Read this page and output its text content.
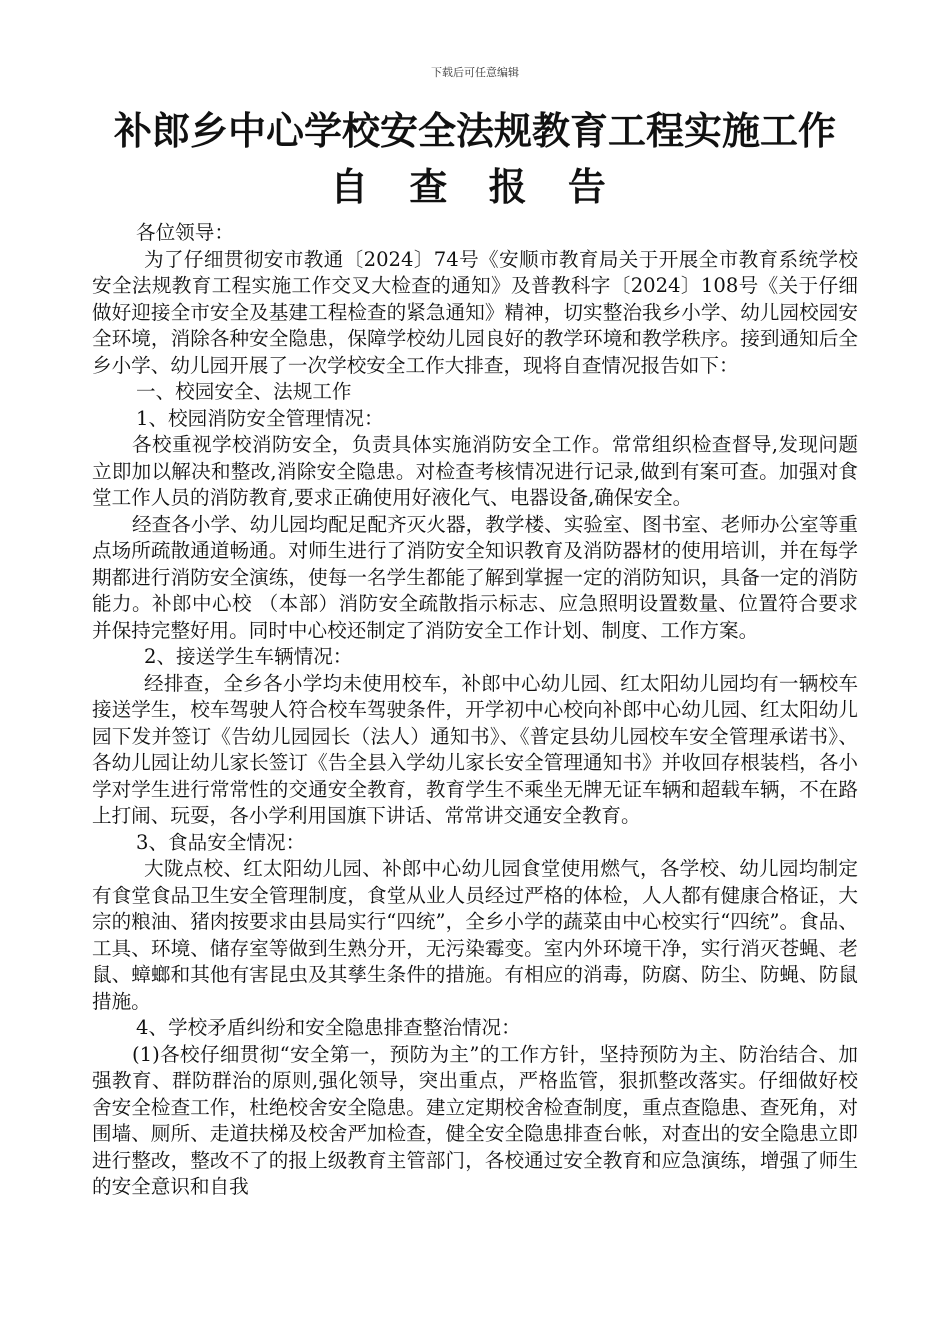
下载后可任意编辑
补郎乡中心学校安全法规教育工程实施工作
自 查 报 告

各位领导：

为了仔细贯彻安市教通〔2024〕74号《安顺市教育局关于开展全市教育系统学校安全法规教育工程实施工作交叉大检查的通知》及普教科字〔2024〕108号《关于仔细做好迎接全市安全及基建工程检查的紧急通知》精神，切实整治我乡小学、幼儿园校园安全环境，消除各种安全隐患，保障学校幼儿园良好的教学环境和教学秩序。接到通知后全乡小学、幼儿园开展了一次学校安全工作大排查，现将自查情况报告如下：

一、校园安全、法规工作

1、校园消防安全管理情况：

各校重视学校消防安全，负责具体实施消防安全工作。常常组织检查督导,发现问题立即加以解决和整改,消除安全隐患。对检查考核情况进行记录,做到有案可查。加强对食堂工作人员的消防教育,要求正确使用好液化气、电器设备,确保安全。

经查各小学、幼儿园均配足配齐灭火器，教学楼、实验室、图书室、老师办公室等重点场所疏散通道畅通。对师生进行了消防安全知识教育及消防器材的使用培训，并在每学期都进行消防安全演练，使每一名学生都能了解到掌握一定的消防知识，具备一定的消防能力。补郎中心校 （本部）消防安全疏散指示标志、应急照明设置数量、位置符合要求并保持完整好用。同时中心校还制定了消防安全工作计划、制度、工作方案。

2、接送学生车辆情况：

经排查，全乡各小学均未使用校车，补郎中心幼儿园、红太阳幼儿园均有一辆校车接送学生，校车驾驶人符合校车驾驶条件，开学初中心校向补郎中心幼儿园、红太阳幼儿园下发并签订《告幼儿园园长（法人）通知书》、《普定县幼儿园校车安全管理承诺书》、各幼儿园让幼儿家长签订《告全县入学幼儿家长安全管理通知书》并收回存根装档，各小学对学生进行常常性的交通安全教育，教育学生不乘坐无牌无证车辆和超载车辆，不在路上打闹、玩耍，各小学利用国旗下讲话、常常讲交通安全教育。

3、食品安全情况：

大陇点校、红太阳幼儿园、补郎中心幼儿园食堂使用燃气，各学校、幼儿园均制定有食堂食品卫生安全管理制度，食堂从业人员经过严格的体检，人人都有健康合格证，大宗的粮油、猪肉按要求由县局实行“四统”，全乡小学的蔬菜由中心校实行“四统”。食品、工具、环境、储存室等做到生熟分开，无污染霉变。室内外环境干净，实行消灭苍蝇、老鼠、蟑螂和其他有害昆虫及其孳生条件的措施。有相应的消毒，防腐、防尘、防蝇、防鼠措施。

4、学校矛盾纠纷和安全隐患排查整治情况：

(1)各校仔细贯彻“安全第一，预防为主”的工作方针，坚持预防为主、防治结合、加强教育、群防群治的原则,强化领导，突出重点，严格监管，狠抓整改落实。仔细做好校舍安全检查工作，杜绝校舍安全隐患。建立定期校舍检查制度，重点查隐患、查死角，对围墙、厕所、走道扶梯及校舍严加检查，健全安全隐患排查台帐，对查出的安全隐患立即进行整改，整改不了的报上级教育主管部门，各校通过安全教育和应急演练，增强了师生的安全意识和自我
